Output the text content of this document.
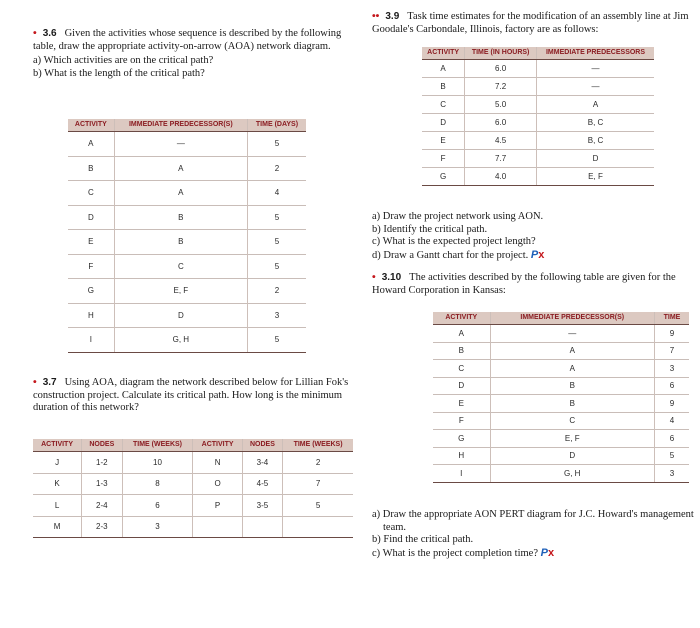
• 3.6 Given the activities whose sequence is described by the following table, draw the appropriate activity-on-arrow (AOA) network diagram.

a) Which activities are on the critical path?
b) What is the length of the critical path?
ACTIVITY	IMMEDIATE PREDECESSOR(S)	TIME (DAYS)
A	—	5
B	A	2
C	A	4
D	B	5
E	B	5
F	C	5
G	E, F	2
H	D	3
I	G, H	5

• 3.7 Using AOA, diagram the network described below for Lillian Fok's construction project. Calculate its critical path. How long is the minimum duration of this network?

ACTIVITY	NODES	TIME (WEEKS)	ACTIVITY	NODES	TIME (WEEKS)
J	1-2	10	N	3-4	2
K	1-3	8	O	4-5	7
L	2-4	6	P	3-5	5
M	2-3	3			

•• 3.9 Task time estimates for the modification of an assembly line at Jim Goodale's Carbondale, Illinois, factory are as follows:

ACTIVITY	TIME (IN HOURS)	IMMEDIATE PREDECESSORS
A	6.0	—
B	7.2	—
C	5.0	A
D	6.0	B, C
E	4.5	B, C
F	7.7	D
G	4.0	E, F
a) Draw the project network using AON.
b) Identify the critical path.
c) What is the expected project length?
d) Draw a Gantt chart for the project. P x

• 3.10 The activities described by the following table are given for the Howard Corporation in Kansas:

ACTIVITY	IMMEDIATE PREDECESSOR(S)	TIME
A	—	9
B	A	7
C	A	3
D	B	6
E	B	9
F	C	4
G	E, F	6
H	D	5
I	G, H	3
a) Draw the appropriate AON PERT diagram for J.C. Howard's management team.
b) Find the critical path.
c) What is the project completion time? P x
